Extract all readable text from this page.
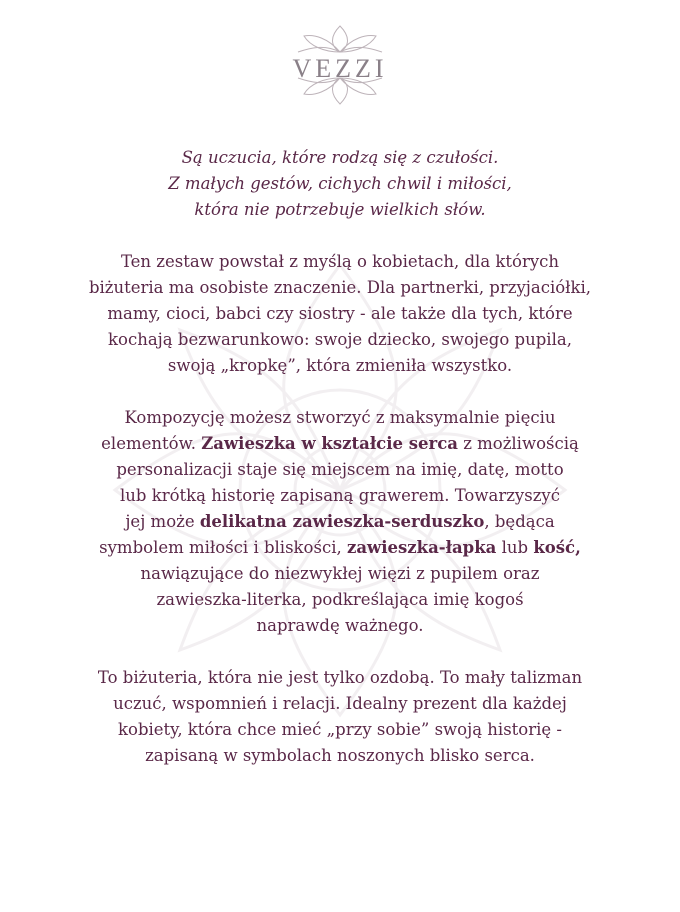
VEZZI

Są uczucia, które rodzą się z czułości.
Z małych gestów, cichych chwil i miłości,
która nie potrzebuje wielkich słów.

Ten zestaw powstał z myślą o kobietach, dla których
biżuteria ma osobiste znaczenie. Dla partnerki, przyjaciółki,
mamy, cioci, babci czy siostry - ale także dla tych, które
kochają bezwarunkowo: swoje dziecko, swojego pupila,
swoją „kropkę”, która zmieniła wszystko.

Kompozycję możesz stworzyć z maksymalnie pięciu
elementów. Zawieszka w kształcie serca z możliwością
personalizacji staje się miejscem na imię, datę, motto
lub krótką historię zapisaną grawerem. Towarzyszyć
jej może delikatna zawieszka-serduszko, będąca
symbolem miłości i bliskości, zawieszka-łapka lub kość,
nawiązujące do niezwykłej więzi z pupilem oraz
zawieszka-literka, podkreślająca imię kogoś
naprawdę ważnego.

To biżuteria, która nie jest tylko ozdobą. To mały talizman
uczuć, wspomnień i relacji. Idealny prezent dla każdej
kobiety, która chce mieć „przy sobie” swoją historię -
zapisaną w symbolach noszonych blisko serca.
